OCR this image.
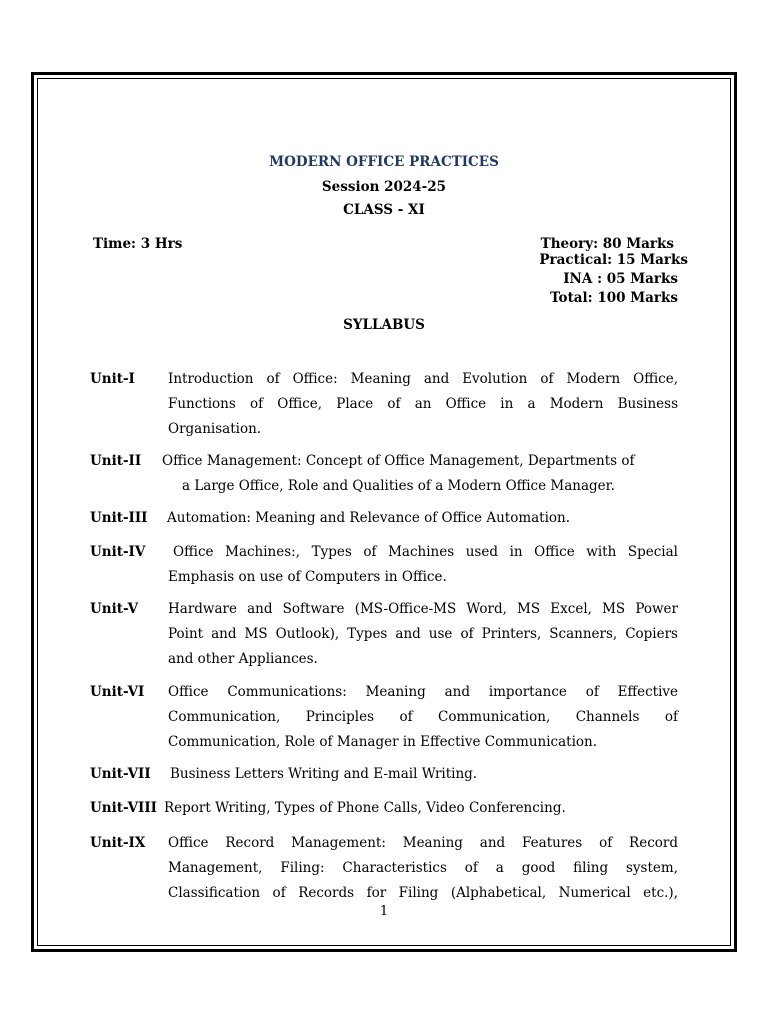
MODERN OFFICE PRACTICES
Session 2024-25
CLASS - XI
Time: 3 Hrs	Theory: 80 Marks
Practical: 15 Marks
INA : 05 Marks
Total: 100 Marks
SYLLABUS
Unit-I Introduction of Office: Meaning and Evolution of Modern Office,
Functions of Office, Place of an Office in a Modern Business
Organisation.
Unit-II Office Management: Concept of Office Management, Departments of
a Large Office, Role and Qualities of a Modern Office Manager.
Unit-III Automation: Meaning and Relevance of Office Automation.
Unit-IV Office Machines:, Types of Machines used in Office with Special
Emphasis on use of Computers in Office.
Unit-V Hardware and Software (MS-Office-MS Word, MS Excel, MS Power
Point and MS Outlook), Types and use of Printers, Scanners, Copiers
and other Appliances.
Unit-VI Office Communications: Meaning and importance of Effective
Communication, Principles of Communication, Channels of
Communication, Role of Manager in Effective Communication.
Unit-VII Business Letters Writing and E-mail Writing.
Unit-VIII Report Writing, Types of Phone Calls, Video Conferencing.
Unit-IX Office Record Management: Meaning and Features of Record
Management, Filing: Characteristics of a good filing system,
Classification of Records for Filing (Alphabetical, Numerical etc.),
1
